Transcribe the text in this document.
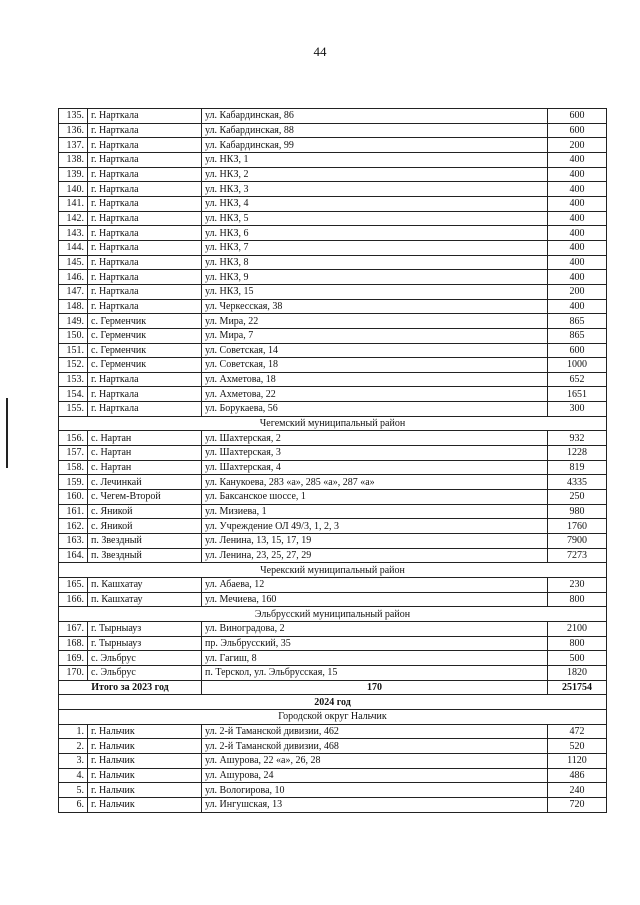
44
135.	г. Нарткала	ул. Кабардинская, 86	600
136.	г. Нарткала	ул. Кабардинская, 88	600
137.	г. Нарткала	ул. Кабардинская, 99	200
138.	г. Нарткала	ул. НКЗ, 1	400
139.	г. Нарткала	ул. НКЗ, 2	400
140.	г. Нарткала	ул. НКЗ, 3	400
141.	г. Нарткала	ул. НКЗ, 4	400
142.	г. Нарткала	ул. НКЗ, 5	400
143.	г. Нарткала	ул. НКЗ, 6	400
144.	г. Нарткала	ул. НКЗ, 7	400
145.	г. Нарткала	ул. НКЗ, 8	400
146.	г. Нарткала	ул. НКЗ, 9	400
147.	г. Нарткала	ул. НКЗ, 15	200
148.	г. Нарткала	ул. Черкесская, 38	400
149.	с. Герменчик	ул. Мира, 22	865
150.	с. Герменчик	ул. Мира, 7	865
151.	с. Герменчик	ул. Советская, 14	600
152.	с. Герменчик	ул. Советская, 18	1000
153.	г. Нарткала	ул. Ахметова, 18	652
154.	г. Нарткала	ул. Ахметова, 22	1651
155.	г. Нарткала	ул. Борукаева, 56	300
Чегемский муниципальный район			
156.	с. Нартан	ул. Шахтерская, 2	932
157.	с. Нартан	ул. Шахтерская, 3	1228
158.	с. Нартан	ул. Шахтерская, 4	819
159.	с. Лечинкай	ул. Канукоева, 283 «а», 285 «а», 287 «а»	4335
160.	с. Чегем-Второй	ул. Баксанское шоссе, 1	250
161.	с. Яникой	ул. Мизиева, 1	980
162.	с. Яникой	ул. Учреждение ОЛ 49/3, 1, 2, 3	1760
163.	п. Звездный	ул. Ленина, 13, 15, 17, 19	7900
164.	п. Звездный	ул. Ленина, 23, 25, 27, 29	7273
Черекский муниципальный район			
165.	п. Кашхатау	ул. Абаева, 12	230
166.	п. Кашхатау	ул. Мечиева, 160	800
Эльбрусский муниципальный район			
167.	г. Тырныауз	ул. Виноградова, 2	2100
168.	г. Тырныауз	пр. Эльбрусский, 35	800
169.	с. Эльбрус	ул. Гагиш, 8	500
170.	с. Эльбрус	п. Терскол, ул. Эльбрусская, 15	1820
Итого за 2023 год		170	251754
2024 год			
Городской округ Нальчик			
1.	г. Нальчик	ул. 2-й Таманской дивизии, 462	472
2.	г. Нальчик	ул. 2-й Таманской дивизии, 468	520
3.	г. Нальчик	ул. Ашурова, 22 «а», 26, 28	1120
4.	г. Нальчик	ул. Ашурова, 24	486
5.	г. Нальчик	ул. Вологирова, 10	240
6.	г. Нальчик	ул. Ингушская, 13	720
